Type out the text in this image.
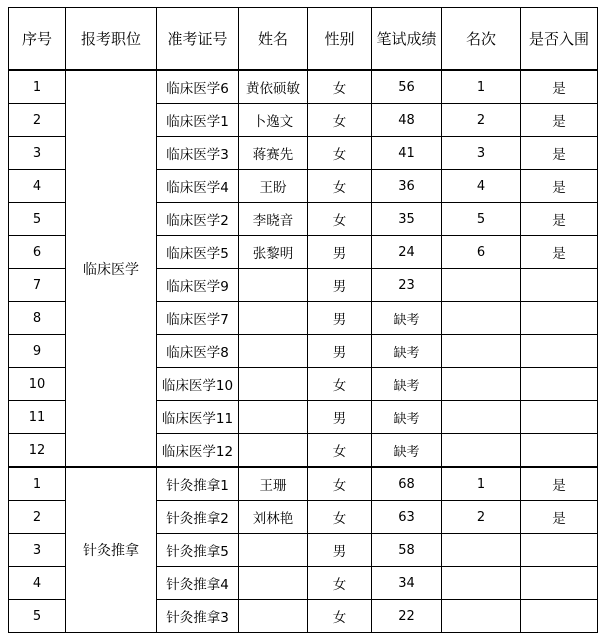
序号	报考职位	准考证号	姓名	性别	笔试成绩	名次	是否入围
1	临床医学	临床医学6	黄依硕敏	女	56	1	是
2		临床医学1	卜逸文	女	48	2	是
3		临床医学3	蒋赛先	女	41	3	是
4		临床医学4	王盼	女	36	4	是
5		临床医学2	李晓音	女	35	5	是
6		临床医学5	张黎明	男	24	6	是
7		临床医学9		男	23		
8		临床医学7		男	缺考		
9		临床医学8		男	缺考		
10		临床医学10		女	缺考		
11		临床医学11		男	缺考		
12		临床医学12		女	缺考		
1	针灸推拿	针灸推拿1	王珊	女	68	1	是
2		针灸推拿2	刘林艳	女	63	2	是
3		针灸推拿5		男	58		
4		针灸推拿4		女	34		
5		针灸推拿3		女	22		
